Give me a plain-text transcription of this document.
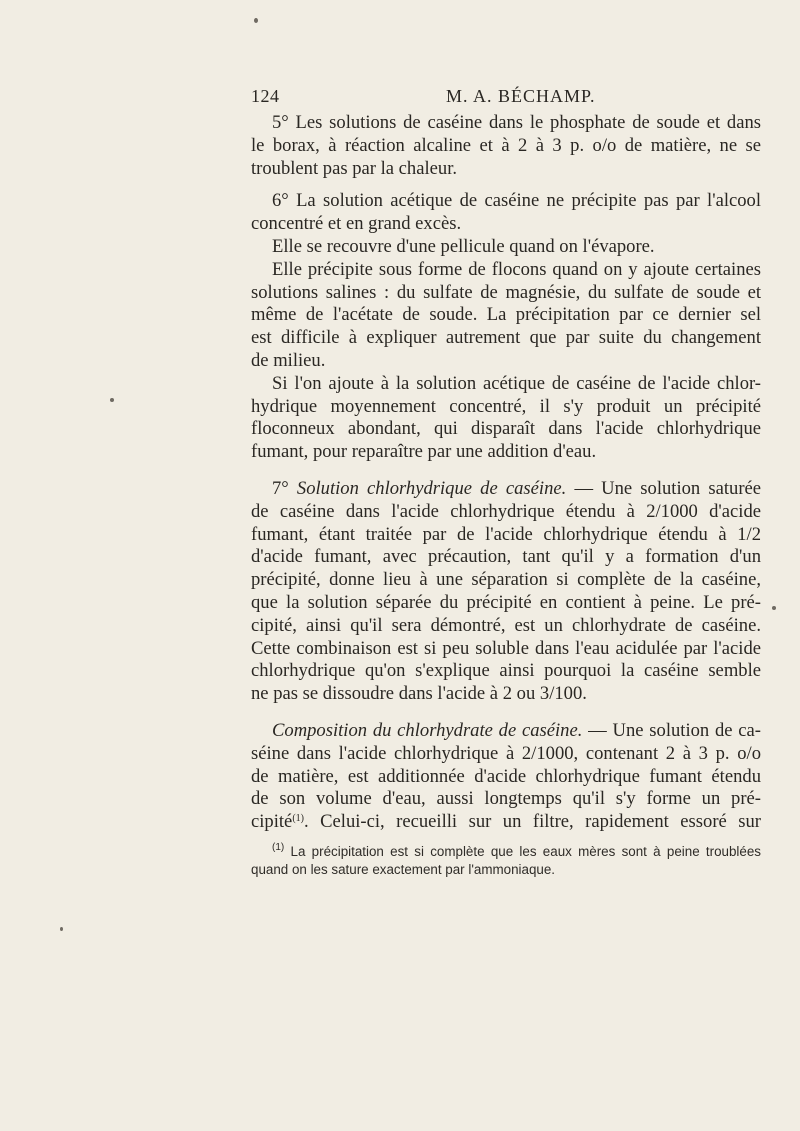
124	M. A. BÉCHAMP.
5° Les solutions de caséine dans le phosphate de soude et dans
le borax, à réaction alcaline et à 2 à 3 p. o/o de matière, ne se
troublent pas par la chaleur.
6° La solution acétique de caséine ne précipite pas par l'alcool
concentré et en grand excès.
Elle se recouvre d'une pellicule quand on l'évapore.
Elle précipite sous forme de flocons quand on y ajoute certaines
solutions salines : du sulfate de magnésie, du sulfate de soude et
même de l'acétate de soude. La précipitation par ce dernier sel
est difficile à expliquer autrement que par suite du changement
de milieu.
Si l'on ajoute à la solution acétique de caséine de l'acide chlor-
hydrique moyennement concentré, il s'y produit un précipité
floconneux abondant, qui disparaît dans l'acide chlorhydrique
fumant, pour reparaître par une addition d'eau.
7° Solution chlorhydrique de caséine. — Une solution saturée
de caséine dans l'acide chlorhydrique étendu à 2/1000 d'acide
fumant, étant traitée par de l'acide chlorhydrique étendu à 1/2
d'acide fumant, avec précaution, tant qu'il y a formation d'un
précipité, donne lieu à une séparation si complète de la caséine,
que la solution séparée du précipité en contient à peine. Le pré-
cipité, ainsi qu'il sera démontré, est un chlorhydrate de caséine.
Cette combinaison est si peu soluble dans l'eau acidulée par l'acide
chlorhydrique qu'on s'explique ainsi pourquoi la caséine semble
ne pas se dissoudre dans l'acide à 2 ou 3/100.
Composition du chlorhydrate de caséine. — Une solution de ca-
séine dans l'acide chlorhydrique à 2/1000, contenant 2 à 3 p. o/o
de matière, est additionnée d'acide chlorhydrique fumant étendu
de son volume d'eau, aussi longtemps qu'il s'y forme un pré-
cipité$^{(1)}$. Celui-ci, recueilli sur un filtre, rapidement essoré sur
$^{(1)}$ La précipitation est si complète que les eaux mères sont à peine troublées
quand on les sature exactement par l'ammoniaque.
